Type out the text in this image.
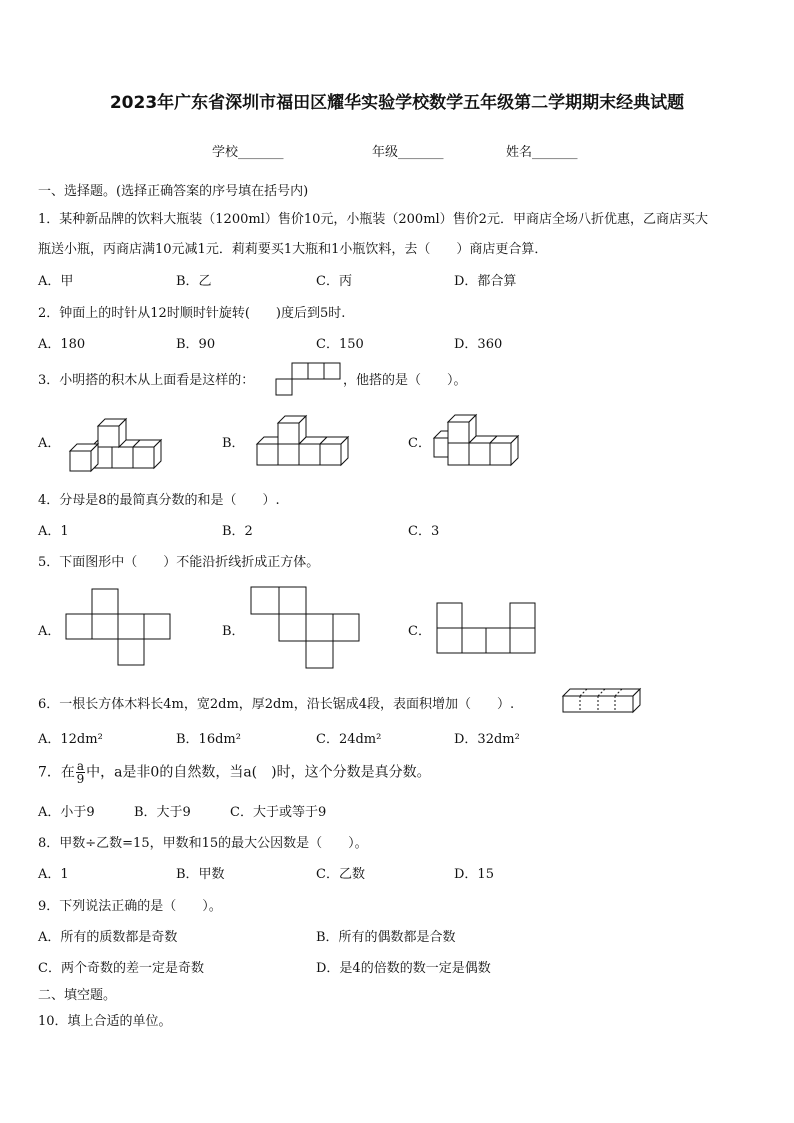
2023年广东省深圳市福田区耀华实验学校数学五年级第二学期期末经典试题
学校_______	年级_______	姓名_______
一、选择题。(选择正确答案的序号填在括号内)
1．某种新品牌的饮料大瓶装（1200ml）售价10元，小瓶装（200ml）售价2元．甲商店全场八折优惠，乙商店买大
瓶送小瓶，丙商店满10元减1元．莉莉要买1大瓶和1小瓶饮料，去（　　）商店更合算．
A．甲	B．乙	C．丙	D．都合算
2．钟面上的时针从12时顺时针旋转(　　)度后到5时.
A．180	B．90	C．150	D．360
3．小明搭的积木从上面看是这样的：	，他搭的是（　　）。
A．	B．	C．
4．分母是8的最简真分数的和是（　　）.
A．1	B．2	C．3
5．下面图形中（　　）不能沿折线折成正方体。
A．	B．	C．
6．一根长方体木料长4m，宽2dm，厚2dm，沿长锯成4段，表面积增加（　　）.
A．12dm²	B．16dm²	C．24dm²	D．32dm²
7．在 $\frac{a}{9}$ 中，a是非0的自然数，当a(　)时，这个分数是真分数。
A．小于9	B．大于9	C．大于或等于9
8．甲数÷乙数=15，甲数和15的最大公因数是（　　）。
A．1	B．甲数	C．乙数	D．15
9．下列说法正确的是（　　）。
A．所有的质数都是奇数	B．所有的偶数都是合数
C．两个奇数的差一定是奇数	D．是4的倍数的数一定是偶数
二、填空题。
10．填上合适的单位。
